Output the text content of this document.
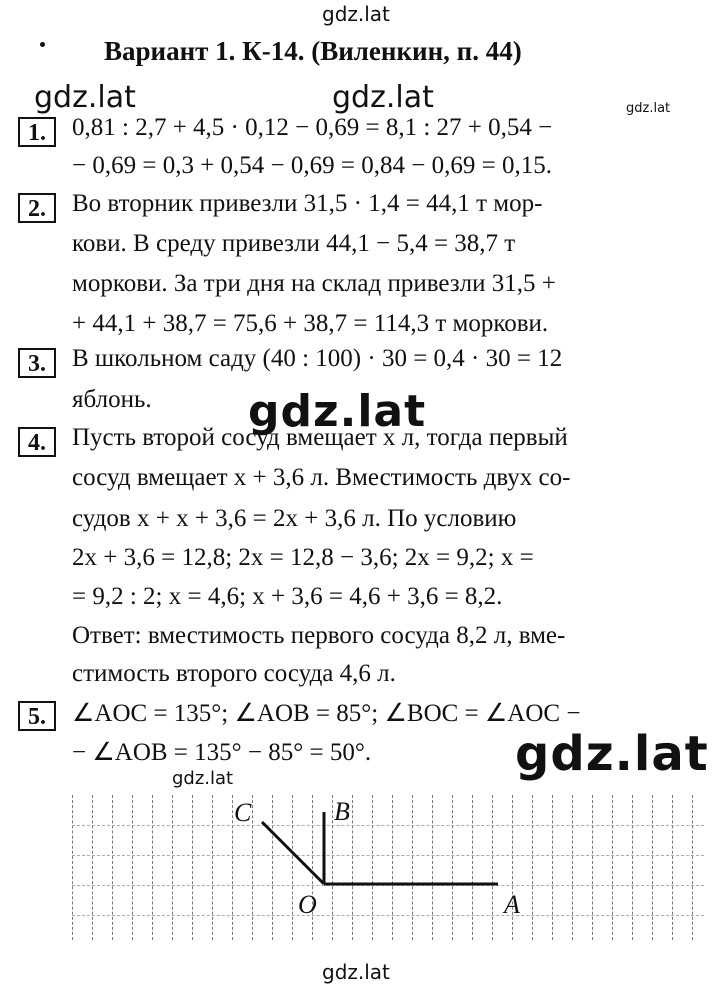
gdz.lat
gdz.lat	gdz.lat	gdz.lat
Вариант 1. К-14. (Виленкин, п. 44)
1.	0,81 : 2,7 + 4,5 · 0,12 − 0,69 = 8,1 : 27 + 0,54 −
− 0,69 = 0,3 + 0,54 − 0,69 = 0,84 − 0,69 = 0,15.
2.	Во вторник привезли 31,5 · 1,4 = 44,1 т мор-
кови. В среду привезли 44,1 − 5,4 = 38,7 т
моркови. За три дня на склад привезли 31,5 +
+ 44,1 + 38,7 = 75,6 + 38,7 = 114,3 т моркови.
3.	В школьном саду (40 : 100) · 30 = 0,4 · 30 = 12
яблонь. gdz.lat
4.	Пусть второй сосуд вмещает x л, тогда первый
сосуд вмещает x + 3,6 л. Вместимость двух со-
судов x + x + 3,6 = 2x + 3,6 л. По условию
2x + 3,6 = 12,8; 2x = 12,8 − 3,6; 2x = 9,2; x =
= 9,2 : 2; x = 4,6; x + 3,6 = 4,6 + 3,6 = 8,2.
Ответ: вместимость первого сосуда 8,2 л, вме-
стимость второго сосуда 4,6 л.
5.	∠AOC = 135°; ∠AOB = 85°; ∠BOC = ∠AOC −
− ∠AOB = 135° − 85° = 50°.	gdz.lat
gdz.lat
C	B
O	A
gdz.lat
